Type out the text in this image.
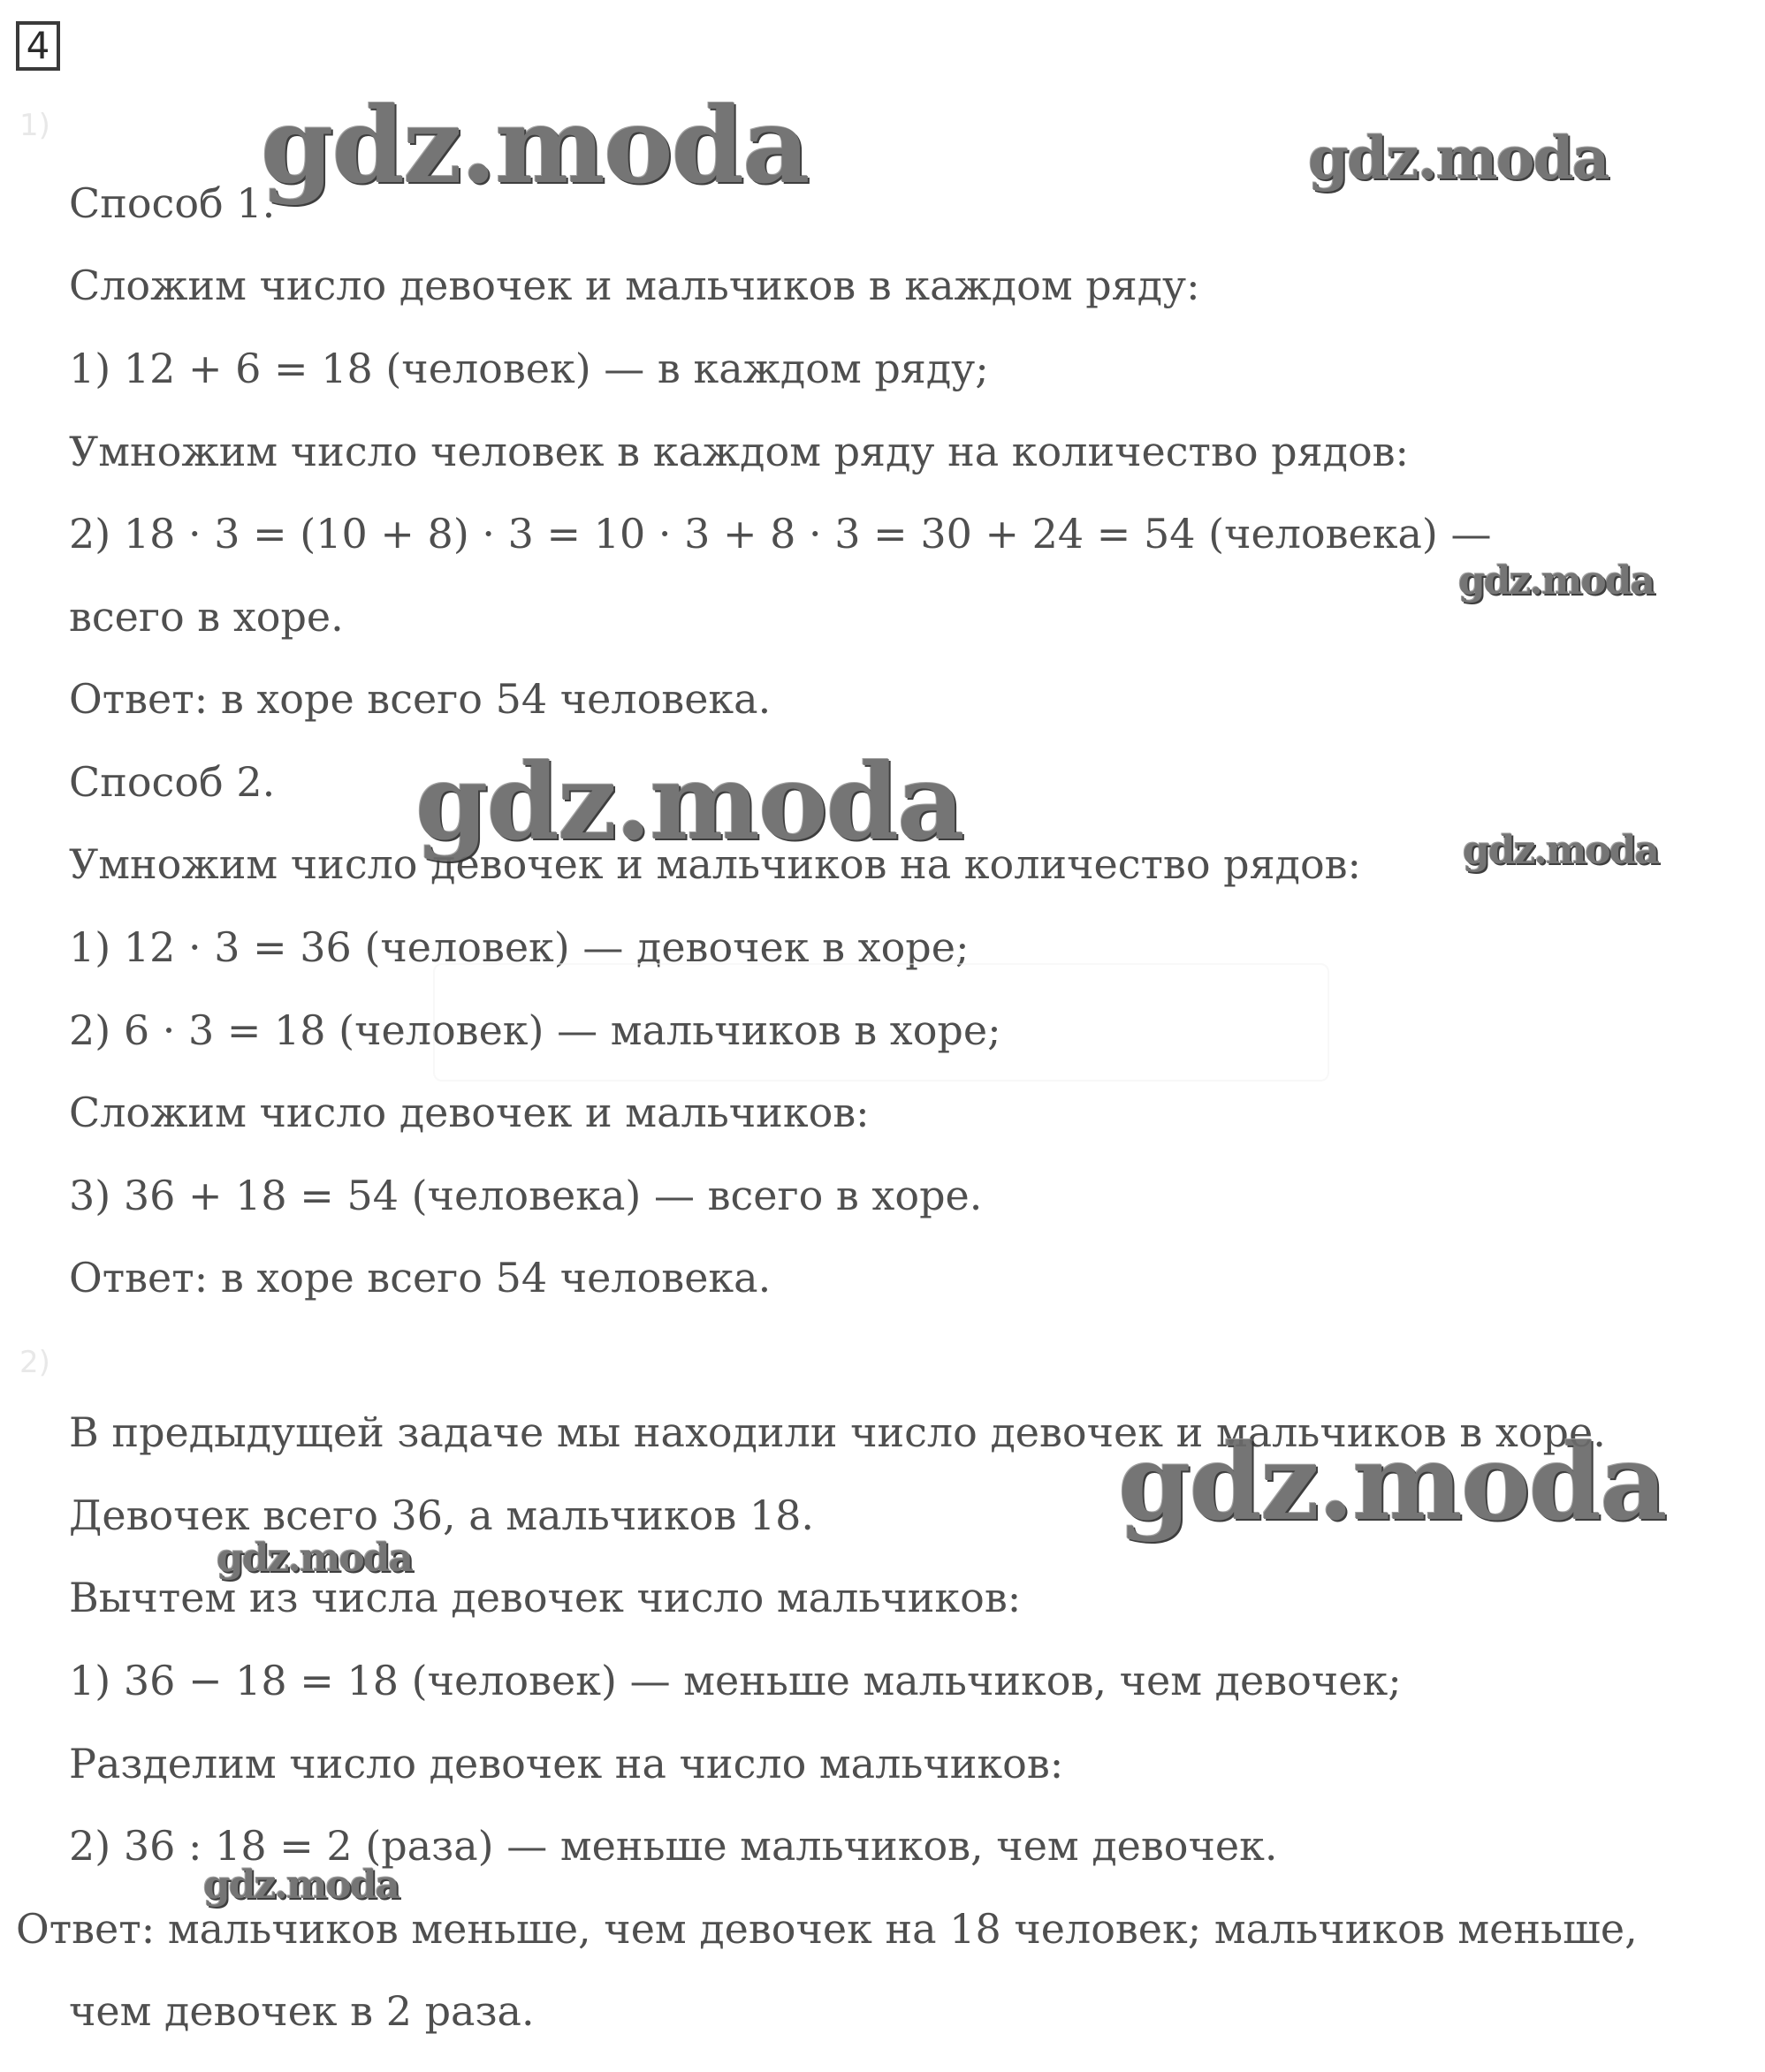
4
1)
2)
Способ 1.
Сложим число девочек и мальчиков в каждом ряду:
1) 12 + 6 = 18 (человек) — в каждом ряду;
Умножим число человек в каждом ряду на количество рядов:
2) 18 · 3 = (10 + 8) · 3 = 10 · 3 + 8 · 3 = 30 + 24 = 54 (человека) —
всего в хоре.
Ответ: в хоре всего 54 человека.
Способ 2.
Умножим число девочек и мальчиков на количество рядов:
1) 12 · 3 = 36 (человек) — девочек в хоре;
2) 6 · 3 = 18 (человек) — мальчиков в хоре;
Сложим число девочек и мальчиков:
3) 36 + 18 = 54 (человека) — всего в хоре.
Ответ: в хоре всего 54 человека.
В предыдущей задаче мы находили число девочек и мальчиков в хоре.
Девочек всего 36, а мальчиков 18.
Вычтем из числа девочек число мальчиков:
1) 36 − 18 = 18 (человек) — меньше мальчиков, чем девочек;
Разделим число девочек на число мальчиков:
2) 36 : 18 = 2 (раза) — меньше мальчиков, чем девочек.
Ответ: мальчиков меньше, чем девочек на 18 человек; мальчиков меньше,
чем девочек в 2 раза.
gdz.moda	gdz.moda
gdz.moda
gdz.moda	gdz.moda
gdz.moda
gdz.moda
gdz.moda
